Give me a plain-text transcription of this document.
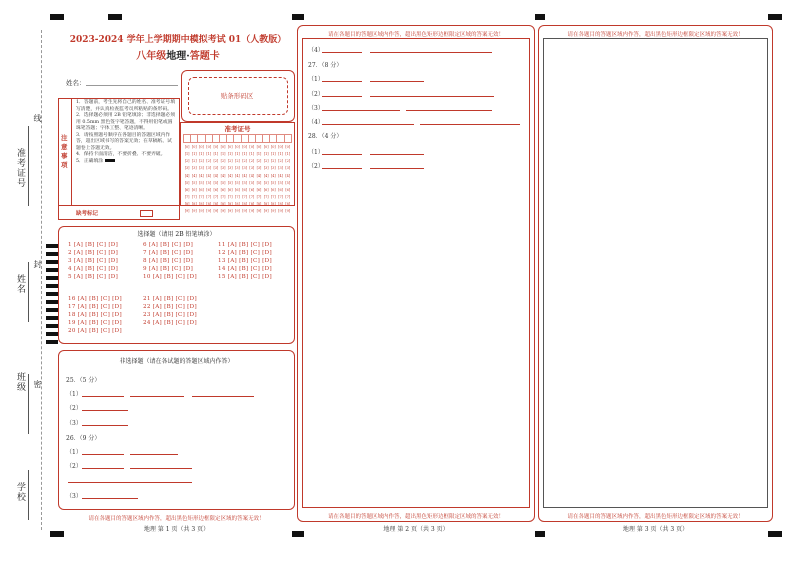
准考证号
姓名
班级
学校
线
封
密
2023-2024 学年上学期期中模拟考试 01（人教版）
八年级地理·答题卡
姓名：
贴条形码区
注意事项
1．答题前，考生先将自己的姓名、准考证号填写清楚，并认真检查监考员所粘贴的条形码。
2．选择题必须用 2B 铅笔填涂；非选择题必须用 0.5mm 黑色签字笔答题，不得用铅笔或圆珠笔答题；字体工整、笔迹清晰。
3．请按照题号顺序在各题目的答题区域内作答，超出区域书写的答案无效；在草稿纸、试题卷上答题无效。
4．保持卡面清洁，不要折叠、不要弄破。
5．正确填涂
准考证号

[0]	[0]	[0]	[0]	[0]	[0]	[0]	[0]	[0]	[0]	[0]	[0]	[0]	[0]	[0]
[1]	[1]	[1]	[1]	[1]	[1]	[1]	[1]	[1]	[1]	[1]	[1]	[1]	[1]	[1]
[2]	[2]	[2]	[2]	[2]	[2]	[2]	[2]	[2]	[2]	[2]	[2]	[2]	[2]	[2]
[3]	[3]	[3]	[3]	[3]	[3]	[3]	[3]	[3]	[3]	[3]	[3]	[3]	[3]	[3]
[4]	[4]	[4]	[4]	[4]	[4]	[4]	[4]	[4]	[4]	[4]	[4]	[4]	[4]	[4]
[5]	[5]	[5]	[5]	[5]	[5]	[5]	[5]	[5]	[5]	[5]	[5]	[5]	[5]	[5]
[6]	[6]	[6]	[6]	[6]	[6]	[6]	[6]	[6]	[6]	[6]	[6]	[6]	[6]	[6]
[7]	[7]	[7]	[7]	[7]	[7]	[7]	[7]	[7]	[7]	[7]	[7]	[7]	[7]	[7]
[8]	[8]	[8]	[8]	[8]	[8]	[8]	[8]	[8]	[8]	[8]	[8]	[8]	[8]	[8]
[9]	[9]	[9]	[9]	[9]	[9]	[9]	[9]	[9]	[9]	[9]	[9]	[9]	[9]	[9]
缺考标记
选择题（请用 2B 铅笔填涂）
1 [A] [B] [C] [D]
2 [A] [B] [C] [D]
3 [A] [B] [C] [D]
4 [A] [B] [C] [D]
5 [A] [B] [C] [D]
6 [A] [B] [C] [D]
7 [A] [B] [C] [D]
8 [A] [B] [C] [D]
9 [A] [B] [C] [D]
10 [A] [B] [C] [D]
11 [A] [B] [C] [D]
12 [A] [B] [C] [D]
13 [A] [B] [C] [D]
14 [A] [B] [C] [D]
15 [A] [B] [C] [D]
16 [A] [B] [C] [D]
17 [A] [B] [C] [D]
18 [A] [B] [C] [D]
19 [A] [B] [C] [D]
20 [A] [B] [C] [D]
21 [A] [B] [C] [D]
22 [A] [B] [C] [D]
23 [A] [B] [C] [D]
24 [A] [B] [C] [D]
非选择题（请在各试题的答题区域内作答）
25．（5 分）
（1）
（2）
（3）
26．（9 分）
（1）
（2）
（3）
请在各题目的答题区域内作答，超出黑色矩形边框限定区域的答案无效！
地理 第 1 页（共 3 页）
请在各题目的答题区域内作答，超出黑色矩形边框限定区域的答案无效！
（4）
27．（8 分）
（1）
（2）
（3）
（4）
28．（4 分）
（1）
（2）
请在各题目的答题区域内作答，超出黑色矩形边框限定区域的答案无效！
地理 第 2 页（共 3 页）
请在各题目的答题区域内作答，超出黑色矩形边框限定区域的答案无效！
请在各题目的答题区域内作答，超出黑色矩形边框限定区域的答案无效！
地理 第 3 页（共 3 页）
